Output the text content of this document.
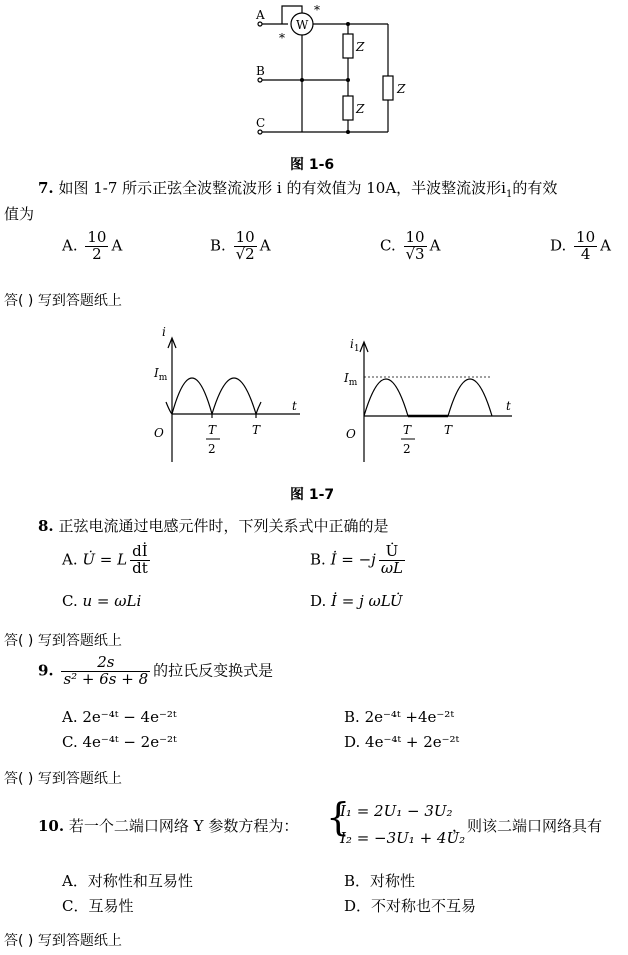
A
B
C
W
*
*
Z
Z
Z
图 1-6
7. 如图 1-7 所示正弦全波整流波形 i 的有效值为 10A，半波整流波形$i_1$的有效
值为
A. $\frac{10}{2}$ A	B. $\frac{10}{√2}$ A	C. $\frac{10}{√3}$ A	D. $\frac{10}{4}$ A
答( ) 写到答题纸上
i
$I_m$
O	T
2
T
t
$i_1$
$I_m$
O	T
2
T
t
图 1-7
8. 正弦电流通过电感元件时，下列关系式中正确的是
A. U̇ = L $\frac{dİ}{dt}$	B. İ = $-j \frac{U̇}{\omega L}$
C. u = ωLi	D. İ = j ωLU̇
答( ) 写到答题纸上
9. $\frac{2s}{\text{s² + 6s + 8}}$ 的拉氏反变换式是
A. 2e⁻⁴ᵗ − 4e⁻²ᵗ	B. 2e⁻⁴ᵗ +4e⁻²ᵗ
C. 4e⁻⁴ᵗ − 2e⁻²ᵗ	D. 4e⁻⁴ᵗ + 2e⁻²ᵗ
答( ) 写到答题纸上
10. 若一个二端口网络 Y 参数方程为： {
I₁ = 2U₁ − 3U₂
I₂ = −3U₁ + 4U₂
，则该二端口网络具有
A．对称性和互易性	B．对称性
C．互易性	D．不对称也不互易
答( ) 写到答题纸上
